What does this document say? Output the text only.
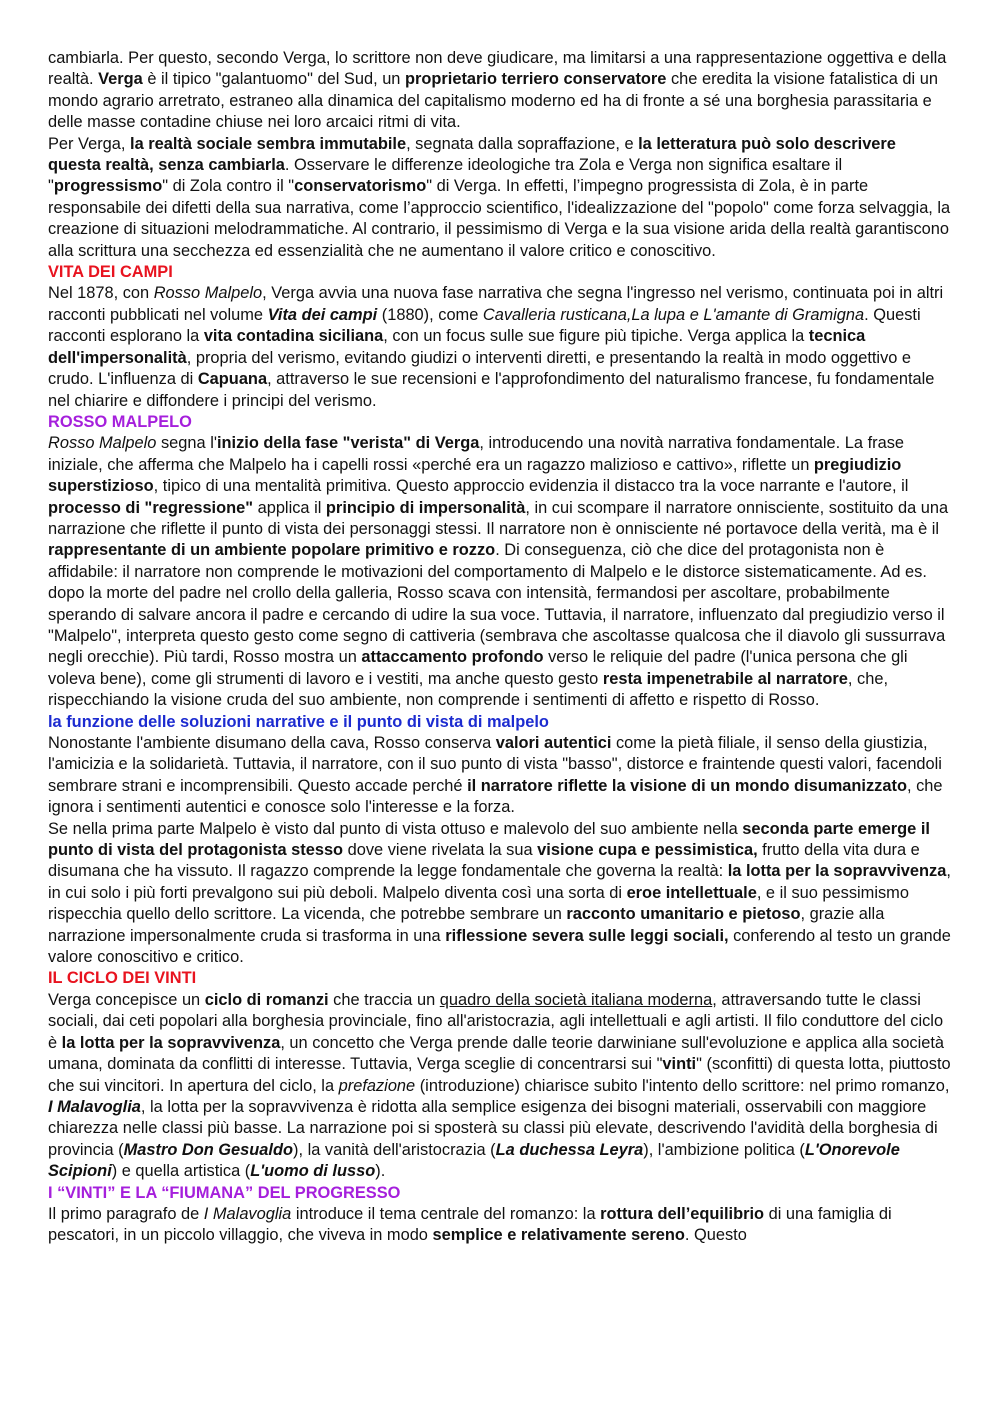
cambiarla. Per questo, secondo Verga, lo scrittore non deve giudicare, ma limitarsi a una rappresentazione oggettiva e della realtà. Verga è il tipico "galantuomo" del Sud, un proprietario terriero conservatore che eredita la visione fatalistica di un mondo agrario arretrato, estraneo alla dinamica del capitalismo moderno ed ha di fronte a sé una borghesia parassitaria e delle masse contadine chiuse nei loro arcaici ritmi di vita.

Per Verga, la realtà sociale sembra immutabile, segnata dalla sopraffazione, e la letteratura può solo descrivere questa realtà, senza cambiarla. Osservare le differenze ideologiche tra Zola e Verga non significa esaltare il "progressismo" di Zola contro il "conservatorismo" di Verga. In effetti, l’impegno progressista di Zola, è in parte responsabile dei difetti della sua narrativa, come l’approccio scientifico, l'idealizzazione del "popolo" come forza selvaggia, la creazione di situazioni melodrammatiche. Al contrario, il pessimismo di Verga e la sua visione arida della realtà garantiscono alla scrittura una secchezza ed essenzialità che ne aumentano il valore critico e conoscitivo.

VITA DEI CAMPI

Nel 1878, con Rosso Malpelo, Verga avvia una nuova fase narrativa che segna l'ingresso nel verismo, continuata poi in altri racconti pubblicati nel volume Vita dei campi (1880), come Cavalleria rusticana,La lupa e L'amante di Gramigna. Questi racconti esplorano la vita contadina siciliana, con un focus sulle sue figure più tipiche. Verga applica la tecnica dell'impersonalità, propria del verismo, evitando giudizi o interventi diretti, e presentando la realtà in modo oggettivo e crudo. L'influenza di Capuana, attraverso le sue recensioni e l'approfondimento del naturalismo francese, fu fondamentale nel chiarire e diffondere i principi del verismo.

ROSSO MALPELO

Rosso Malpelo segna l'inizio della fase "verista" di Verga, introducendo una novità narrativa fondamentale. La frase iniziale, che afferma che Malpelo ha i capelli rossi «perché era un ragazzo malizioso e cattivo», riflette un pregiudizio superstizioso, tipico di una mentalità primitiva. Questo approccio evidenzia il distacco tra la voce narrante e l'autore, il processo di "regressione" applica il principio di impersonalità, in cui scompare il narratore onnisciente, sostituito da una narrazione che riflette il punto di vista dei personaggi stessi. Il narratore non è onnisciente né portavoce della verità, ma è il rappresentante di un ambiente popolare primitivo e rozzo. Di conseguenza, ciò che dice del protagonista non è affidabile: il narratore non comprende le motivazioni del comportamento di Malpelo e le distorce sistematicamente. Ad es. dopo la morte del padre nel crollo della galleria, Rosso scava con intensità, fermandosi per ascoltare, probabilmente sperando di salvare ancora il padre e cercando di udire la sua voce. Tuttavia, il narratore, influenzato dal pregiudizio verso il "Malpelo", interpreta questo gesto come segno di cattiveria (sembrava che ascoltasse qualcosa che il diavolo gli sussurrava negli orecchie). Più tardi, Rosso mostra un attaccamento profondo verso le reliquie del padre (l'unica persona che gli voleva bene), come gli strumenti di lavoro e i vestiti, ma anche questo gesto resta impenetrabile al narratore, che, rispecchiando la visione cruda del suo ambiente, non comprende i sentimenti di affetto e rispetto di Rosso.

la funzione delle soluzioni narrative e il punto di vista di malpelo

Nonostante l'ambiente disumano della cava, Rosso conserva valori autentici come la pietà filiale, il senso della giustizia, l'amicizia e la solidarietà. Tuttavia, il narratore, con il suo punto di vista "basso", distorce e fraintende questi valori, facendoli sembrare strani e incomprensibili. Questo accade perché il narratore riflette la visione di un mondo disumanizzato, che ignora i sentimenti autentici e conosce solo l'interesse e la forza.

Se nella prima parte Malpelo è visto dal punto di vista ottuso e malevolo del suo ambiente nella seconda parte emerge il punto di vista del protagonista stesso dove viene rivelata la sua visione cupa e pessimistica, frutto della vita dura e disumana che ha vissuto. Il ragazzo comprende la legge fondamentale che governa la realtà: la lotta per la sopravvivenza, in cui solo i più forti prevalgono sui più deboli. Malpelo diventa così una sorta di eroe intellettuale, e il suo pessimismo rispecchia quello dello scrittore. La vicenda, che potrebbe sembrare un racconto umanitario e pietoso, grazie alla narrazione impersonalmente cruda si trasforma in una riflessione severa sulle leggi sociali, conferendo al testo un grande valore conoscitivo e critico.

IL CICLO DEI VINTI

Verga concepisce un ciclo di romanzi che traccia un quadro della società italiana moderna, attraversando tutte le classi sociali, dai ceti popolari alla borghesia provinciale, fino all'aristocrazia, agli intellettuali e agli artisti. Il filo conduttore del ciclo è la lotta per la sopravvivenza, un concetto che Verga prende dalle teorie darwiniane sull'evoluzione e applica alla società umana, dominata da conflitti di interesse. Tuttavia, Verga sceglie di concentrarsi sui "vinti" (sconfitti) di questa lotta, piuttosto che sui vincitori. In apertura del ciclo, la prefazione (introduzione) chiarisce subito l'intento dello scrittore: nel primo romanzo, I Malavoglia, la lotta per la sopravvivenza è ridotta alla semplice esigenza dei bisogni materiali, osservabili con maggiore chiarezza nelle classi più basse. La narrazione poi si sposterà su classi più elevate, descrivendo l'avidità della borghesia di provincia (Mastro Don Gesualdo), la vanità dell'aristocrazia (La duchessa Leyra), l'ambizione politica (L'Onorevole Scipioni) e quella artistica (L'uomo di lusso).

I “VINTI” E LA “FIUMANA” DEL PROGRESSO

Il primo paragrafo de I Malavoglia introduce il tema centrale del romanzo: la rottura dell’equilibrio di una famiglia di pescatori, in un piccolo villaggio, che viveva in modo semplice e relativamente sereno. Questo
